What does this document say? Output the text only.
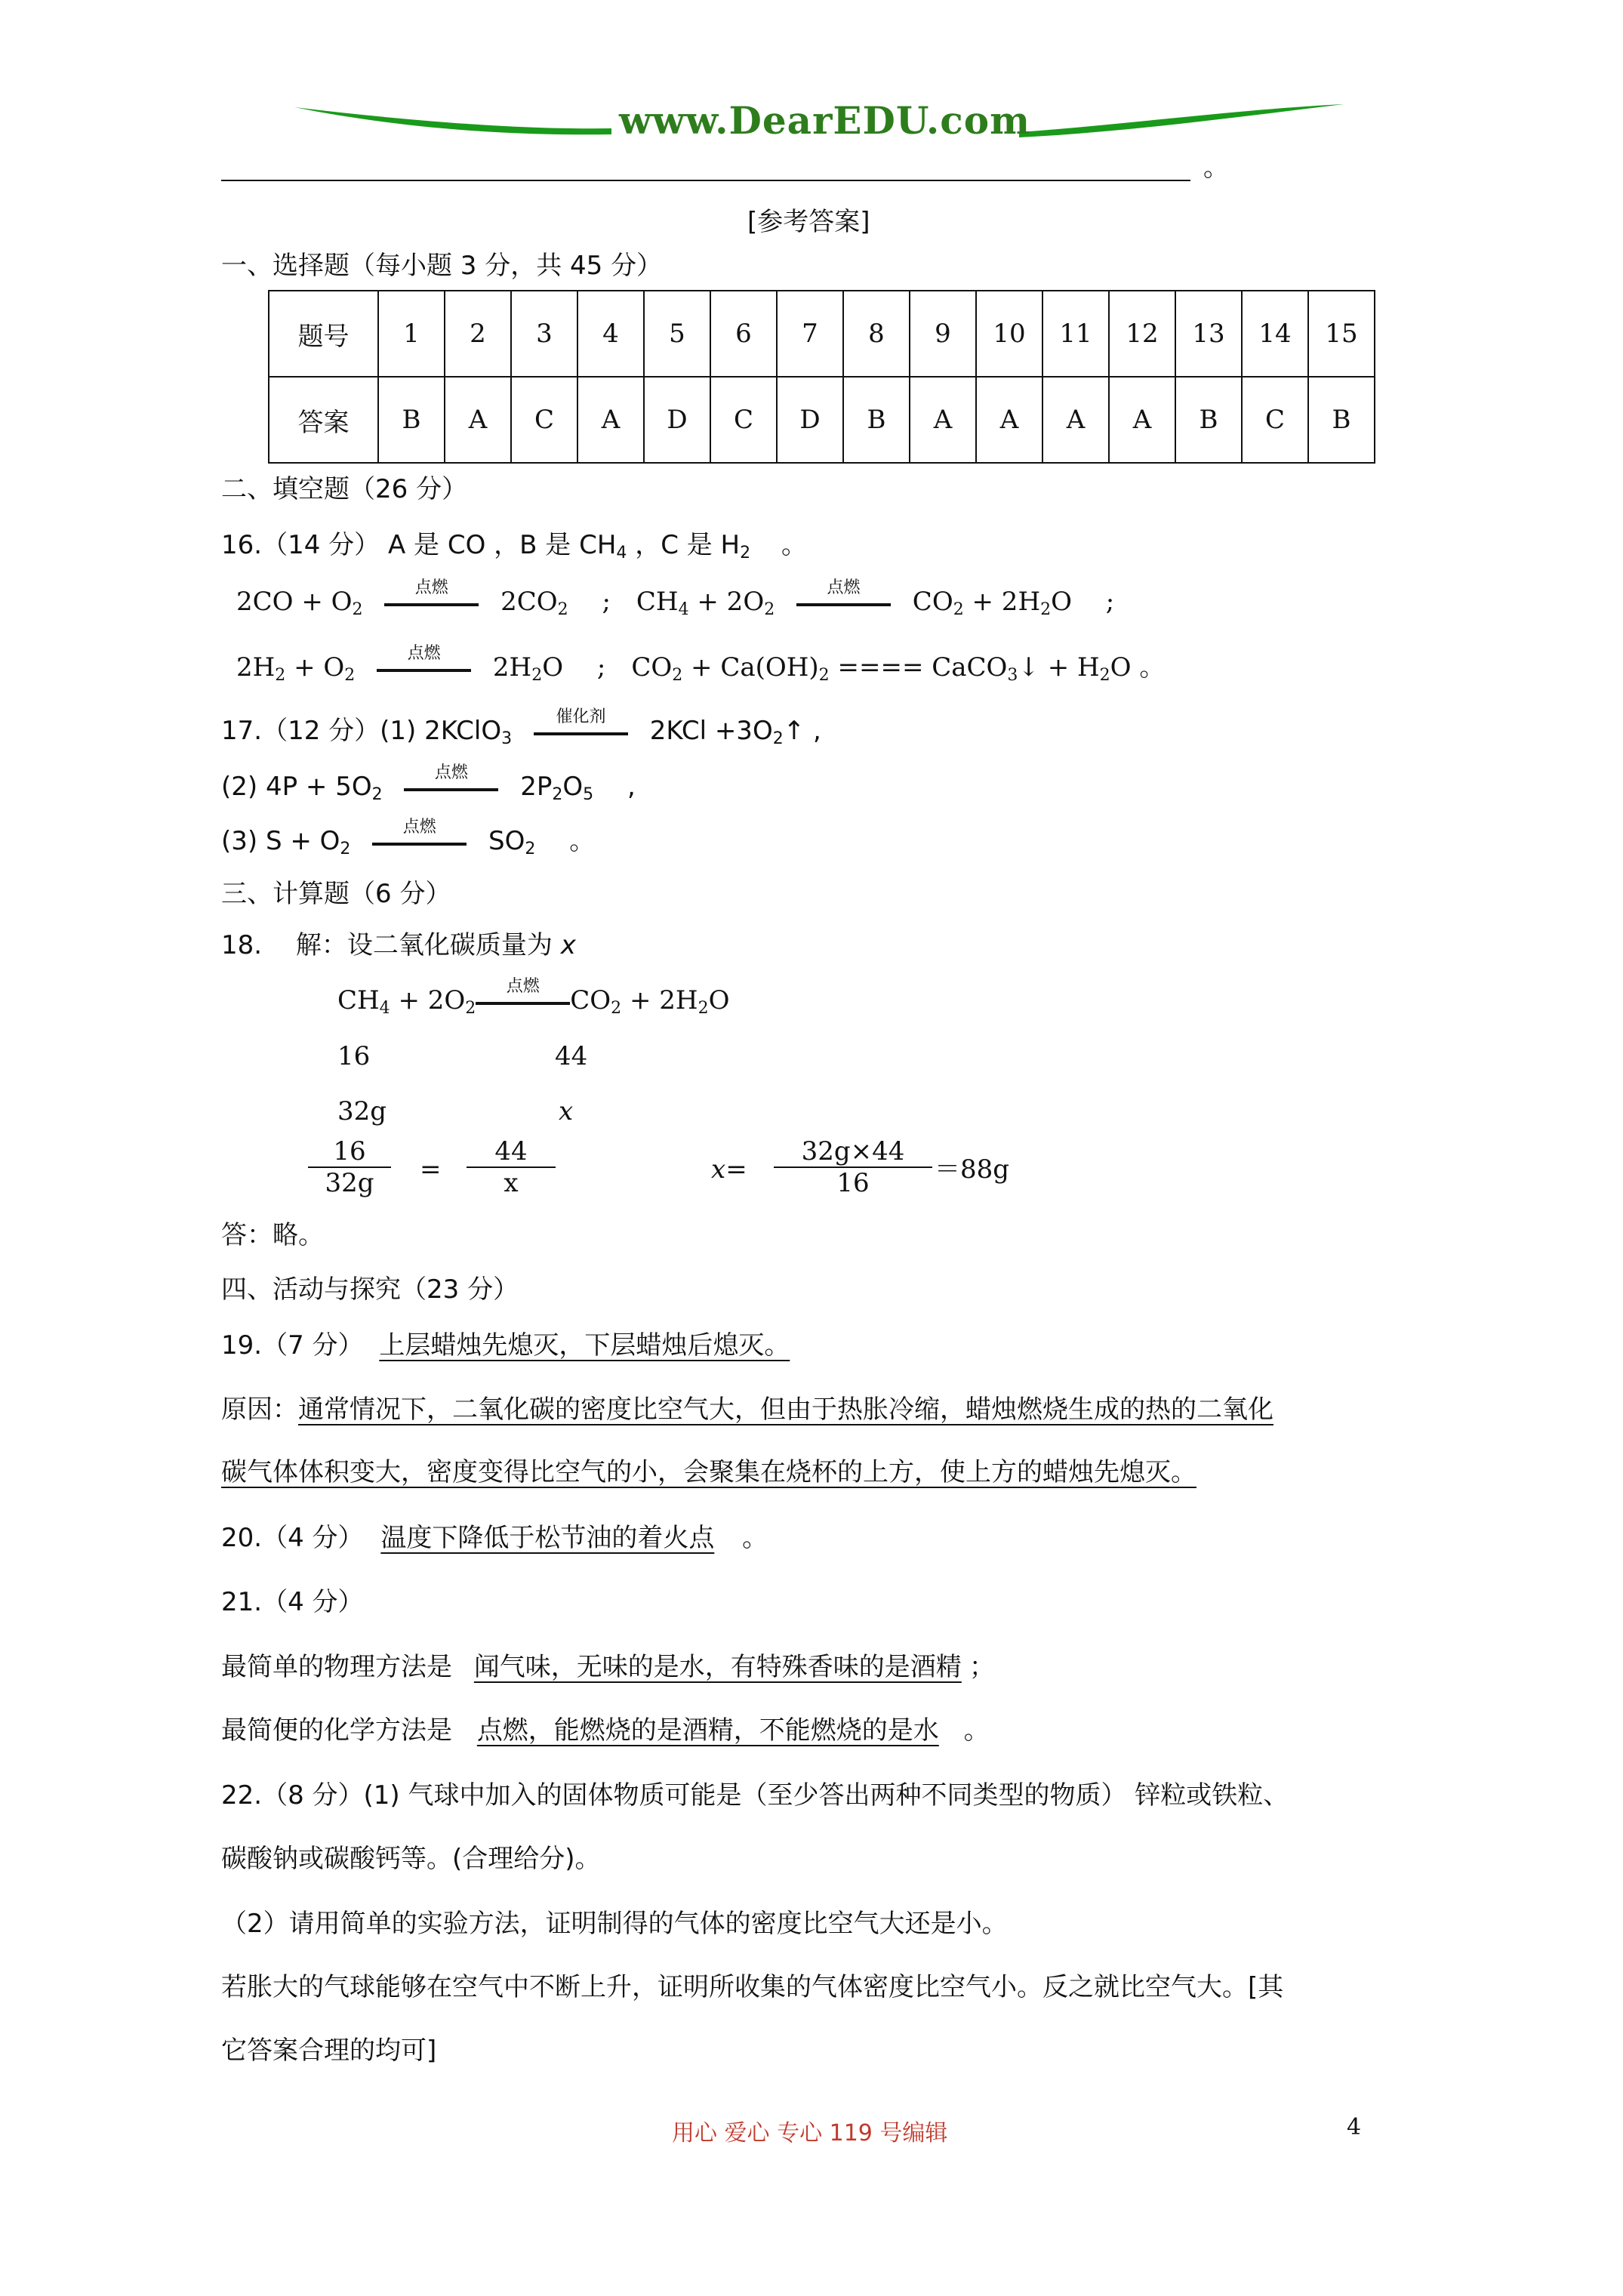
www.DearEDU.com
。
[参考答案]
一、选择题（每小题 3 分，共 45 分）
题号	1	2	3	4	5	6	7	8	9	10	11	12	13	14	15
答案	B	A	C	A	D	C	D	B	A	A	A	A	B	C	B
二、填空题（26 分）
16.（14 分） A 是 CO ，B 是 $CH_4$ ，C 是 $H_2$ 。
$2CO + O_2$
点燃	$2CO_2$　 ;　$CH_4 + 2O_2$
点燃	$CO_2 + 2H_2O$　 ;
$2H_2 + O_2$
点燃	$2H_2O$　 ;　$CO_2 + Ca(OH)_2$ ==== CaCO$_3$↓ + $H_2O$ 。
17.（12 分）(1) 2KClO$_3$
催化剂	$2KCl +3O_2↑$ ,
(2) $4P + 5O_2$
点燃	$2P_2O_5$　 ,
(3) $S + O_2$
点燃	$SO_2$　 。
三、计算题（6 分）
18.　 解：设二氧化碳质量为 x
$CH_4 + 2O_2$
点燃	$CO_2 + 2H_2O$
16	44
32g	x
16
32g	=
44
x	x=
32g×44
16	＝88g
答：略。
四、活动与探究（23 分）
19.（7 分） 上层蜡烛先熄灭，下层蜡烛后熄灭。
原因：通常情况下，二氧化碳的密度比空气大，但由于热胀冷缩，蜡烛燃烧生成的热的二氧化
碳气体体积变大，密度变得比空气的小，会聚集在烧杯的上方，使上方的蜡烛先熄灭。
20.（4 分） 温度下降低于松节油的着火点 。
21.（4 分）
最简单的物理方法是 闻气味，无味的是水，有特殊香味的是酒精 ；
最简便的化学方法是 点燃，能燃烧的是酒精，不能燃烧的是水 。
22.（8 分）(1) 气球中加入的固体物质可能是（至少答出两种不同类型的物质） 锌粒或铁粒、
碳酸钠或碳酸钙等。(合理给分)。
（2）请用简单的实验方法，证明制得的气体的密度比空气大还是小。
若胀大的气球能够在空气中不断上升，证明所收集的气体密度比空气小。反之就比空气大。[其
它答案合理的均可]
用心 爱心 专心 119 号编辑	4
